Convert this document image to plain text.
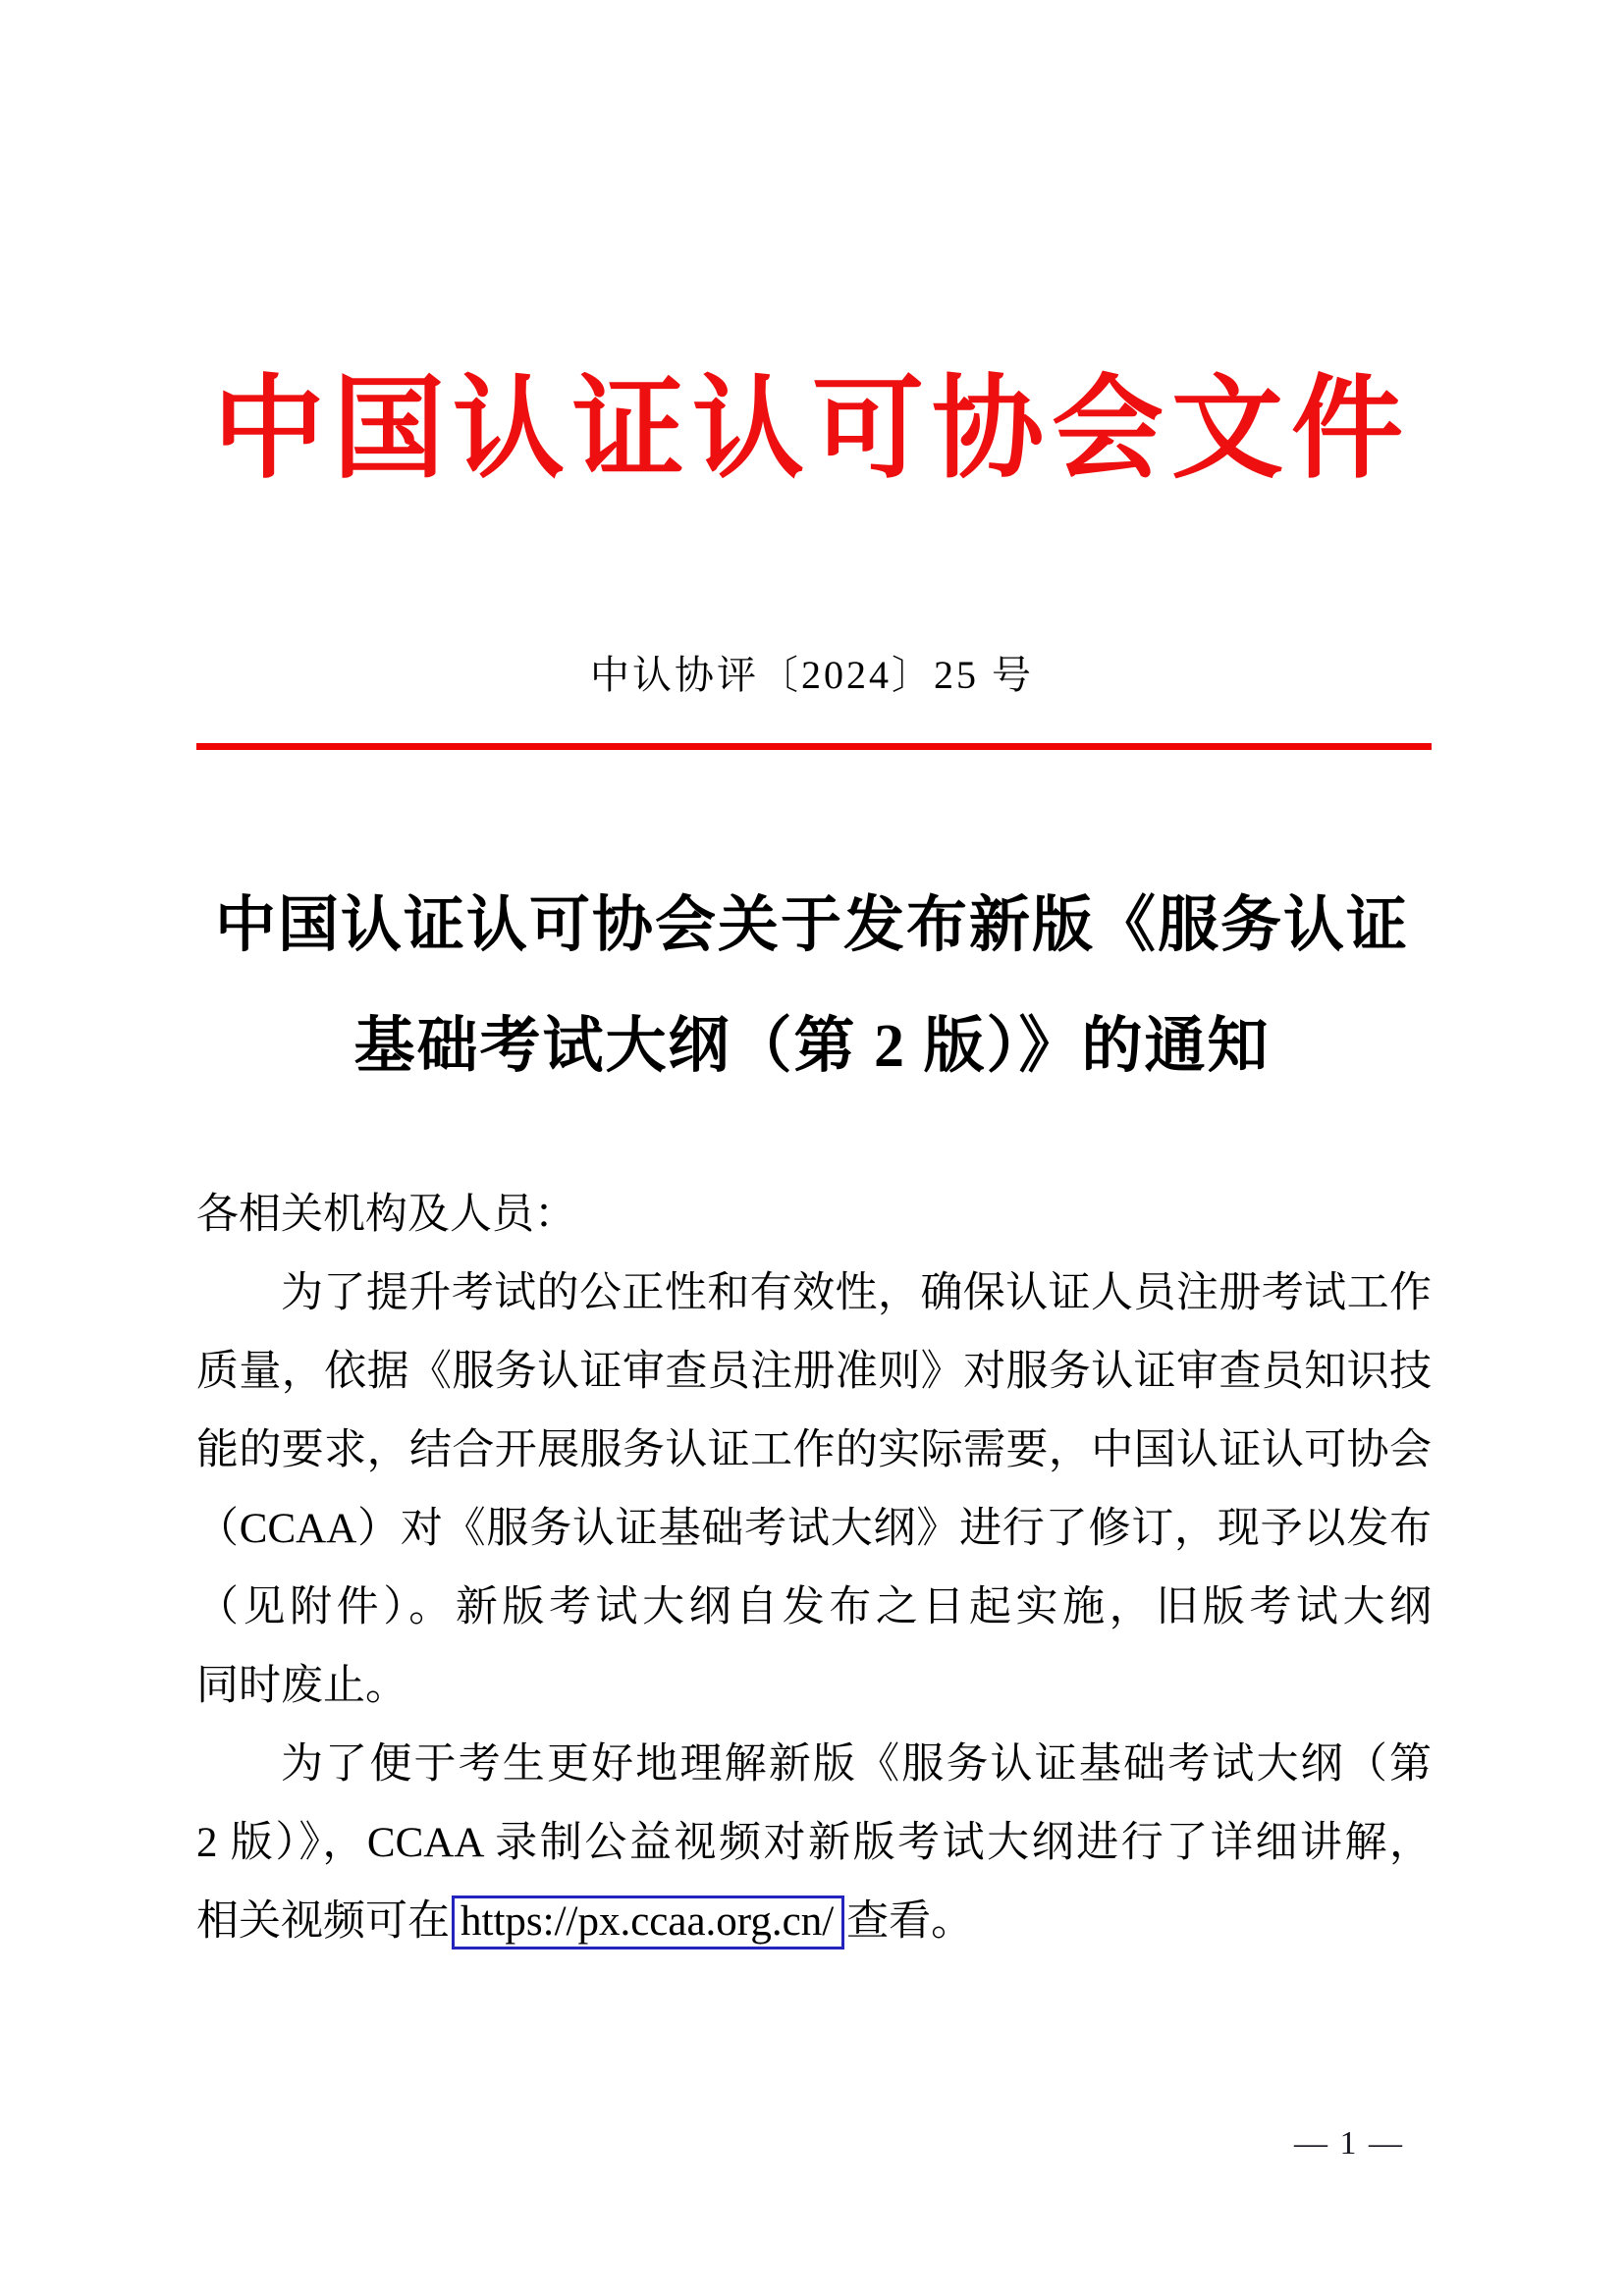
中国认证认可协会文件
中认协评〔2024〕25 号
中国认证认可协会关于发布新版《服务认证
基础考试大纲（第 2 版）》的通知
各相关机构及人员：
为了提升考试的公正性和有效性，确保认证人员注册考试工作
质量，依据《服务认证审查员注册准则》对服务认证审查员知识技
能的要求，结合开展服务认证工作的实际需要，中国认证认可协会
（CCAA）对《服务认证基础考试大纲》进行了修订，现予以发布
（见附件）。新版考试大纲自发布之日起实施，旧版考试大纲
同时废止。
为了便于考生更好地理解新版《服务认证基础考试大纲（第
2 版）》，CCAA 录制公益视频对新版考试大纲进行了详细讲解，
相关视频可在 https://px.ccaa.org.cn/ 查看。
— 1 —
